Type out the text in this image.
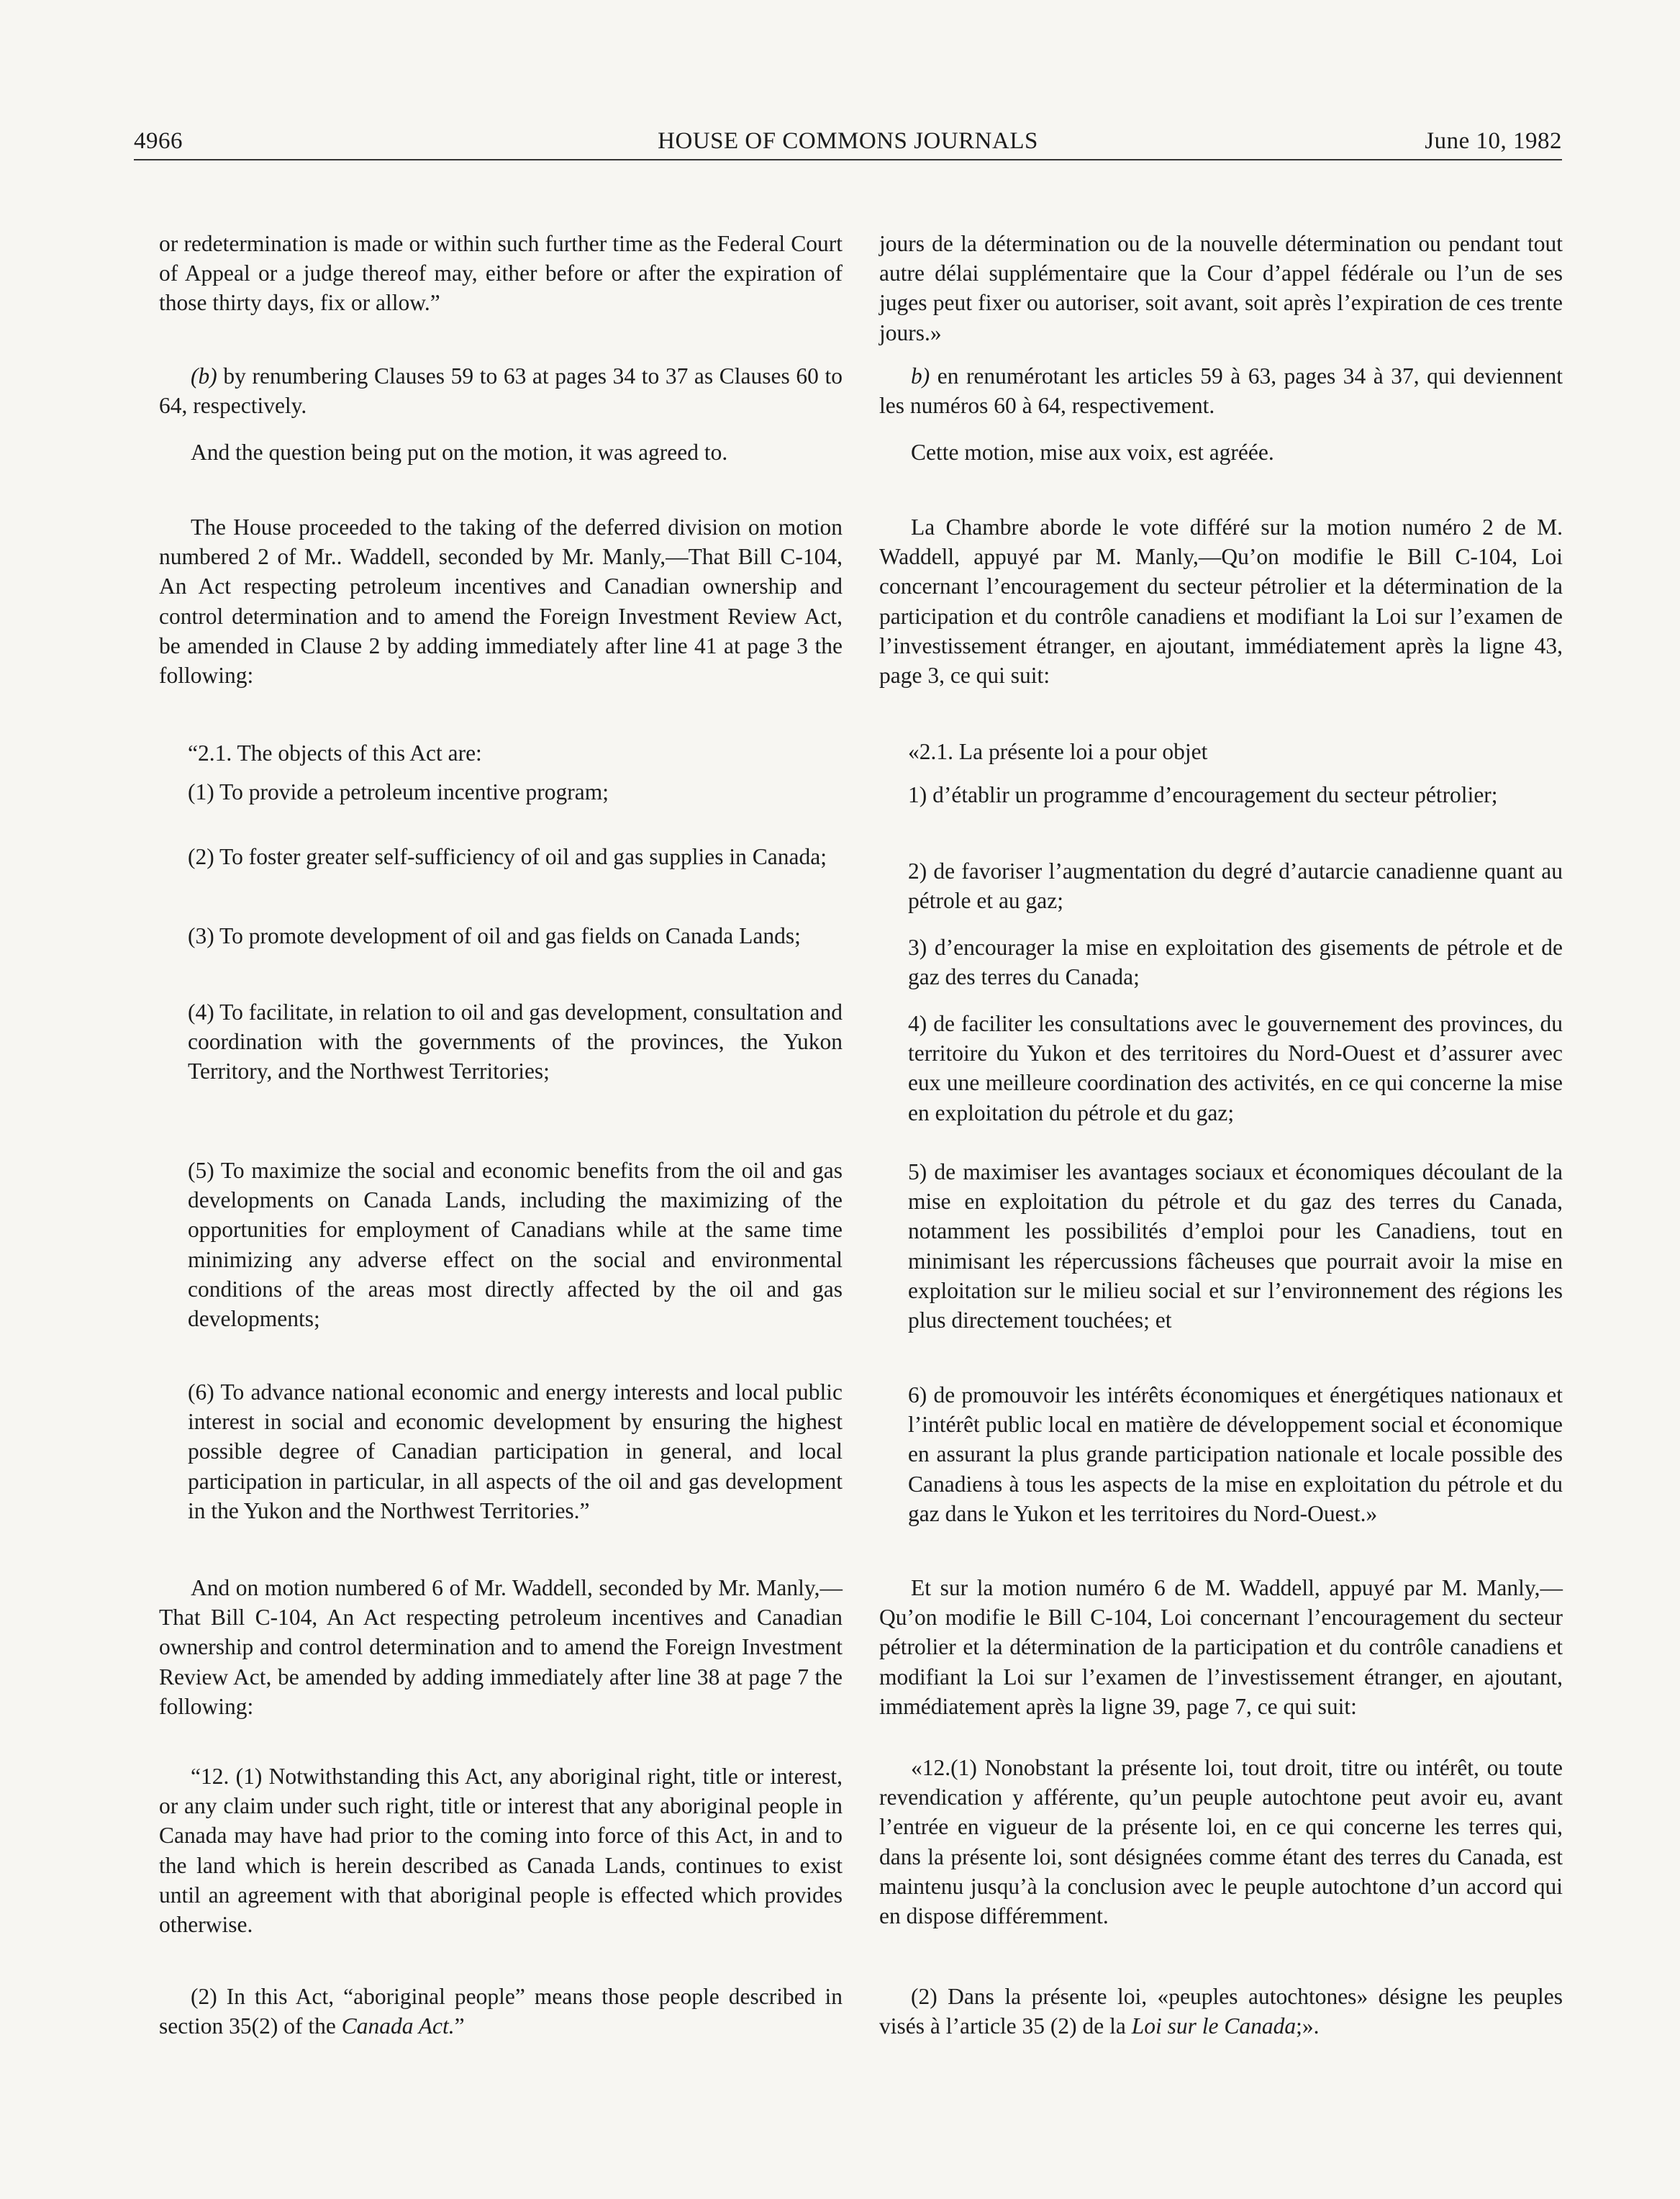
4966	HOUSE OF COMMONS JOURNALS	June 10, 1982

or redetermination is made or within such further time as the Federal Court of Appeal or a judge thereof may, either before or after the expiration of those thirty days, fix or allow.”

(b) by renumbering Clauses 59 to 63 at pages 34 to 37 as Clauses 60 to 64, respectively.

And the question being put on the motion, it was agreed to.

The House proceeded to the taking of the deferred division on motion numbered 2 of Mr.. Waddell, seconded by Mr. Manly,—That Bill C-104, An Act respecting petroleum incentives and Canadian ownership and control determination and to amend the Foreign Investment Review Act, be amended in Clause 2 by adding immediately after line 41 at page 3 the following:

“2.1. The objects of this Act are:

(1) To provide a petroleum incentive program;

(2) To foster greater self-sufficiency of oil and gas supplies in Canada;

(3) To promote development of oil and gas fields on Canada Lands;

(4) To facilitate, in relation to oil and gas development, consultation and coordination with the governments of the provinces, the Yukon Territory, and the Northwest Territories;

(5) To maximize the social and economic benefits from the oil and gas developments on Canada Lands, including the maximizing of the opportunities for employment of Canadians while at the same time minimizing any adverse effect on the social and environmental conditions of the areas most directly affected by the oil and gas developments;

(6) To advance national economic and energy interests and local public interest in social and economic development by ensuring the highest possible degree of Canadian participation in general, and local participation in particular, in all aspects of the oil and gas development in the Yukon and the Northwest Territories.”

And on motion numbered 6 of Mr. Waddell, seconded by Mr. Manly,—That Bill C-104, An Act respecting petroleum incentives and Canadian ownership and control determination and to amend the Foreign Investment Review Act, be amended by adding immediately after line 38 at page 7 the following:

“12. (1) Notwithstanding this Act, any aboriginal right, title or interest, or any claim under such right, title or interest that any aboriginal people in Canada may have had prior to the coming into force of this Act, in and to the land which is herein described as Canada Lands, continues to exist until an agreement with that aboriginal people is effected which provides otherwise.

(2) In this Act, “aboriginal people” means those people described in section 35(2) of the Canada Act.”

jours de la détermination ou de la nouvelle détermination ou pendant tout autre délai supplémentaire que la Cour d’appel fédérale ou l’un de ses juges peut fixer ou autoriser, soit avant, soit après l’expiration de ces trente jours.»

b) en renumérotant les articles 59 à 63, pages 34 à 37, qui deviennent les numéros 60 à 64, respectivement.

Cette motion, mise aux voix, est agréée.

La Chambre aborde le vote différé sur la motion numéro 2 de M. Waddell, appuyé par M. Manly,—Qu’on modifie le Bill C-104, Loi concernant l’encouragement du secteur pétrolier et la détermination de la participation et du contrôle canadiens et modifiant la Loi sur l’examen de l’investissement étranger, en ajoutant, immédiatement après la ligne 43, page 3, ce qui suit:

«2.1. La présente loi a pour objet

1) d’établir un programme d’encouragement du secteur pétrolier;

2) de favoriser l’augmentation du degré d’autarcie canadienne quant au pétrole et au gaz;

3) d’encourager la mise en exploitation des gisements de pétrole et de gaz des terres du Canada;

4) de faciliter les consultations avec le gouvernement des provinces, du territoire du Yukon et des territoires du Nord-Ouest et d’assurer avec eux une meilleure coordination des activités, en ce qui concerne la mise en exploitation du pétrole et du gaz;

5) de maximiser les avantages sociaux et économiques découlant de la mise en exploitation du pétrole et du gaz des terres du Canada, notamment les possibilités d’emploi pour les Canadiens, tout en minimisant les répercussions fâcheuses que pourrait avoir la mise en exploitation sur le milieu social et sur l’environnement des régions les plus directement touchées; et

6) de promouvoir les intérêts économiques et énergétiques nationaux et l’intérêt public local en matière de développement social et économique en assurant la plus grande participation nationale et locale possible des Canadiens à tous les aspects de la mise en exploitation du pétrole et du gaz dans le Yukon et les territoires du Nord-Ouest.»

Et sur la motion numéro 6 de M. Waddell, appuyé par M. Manly,—Qu’on modifie le Bill C-104, Loi concernant l’encouragement du secteur pétrolier et la détermination de la participation et du contrôle canadiens et modifiant la Loi sur l’examen de l’investissement étranger, en ajoutant, immédiatement après la ligne 39, page 7, ce qui suit:

«12.(1) Nonobstant la présente loi, tout droit, titre ou intérêt, ou toute revendication y afférente, qu’un peuple autochtone peut avoir eu, avant l’entrée en vigueur de la présente loi, en ce qui concerne les terres qui, dans la présente loi, sont désignées comme étant des terres du Canada, est maintenu jusqu’à la conclusion avec le peuple autochtone d’un accord qui en dispose différemment.

(2) Dans la présente loi, «peuples autochtones» désigne les peuples visés à l’article 35 (2) de la Loi sur le Canada;».
